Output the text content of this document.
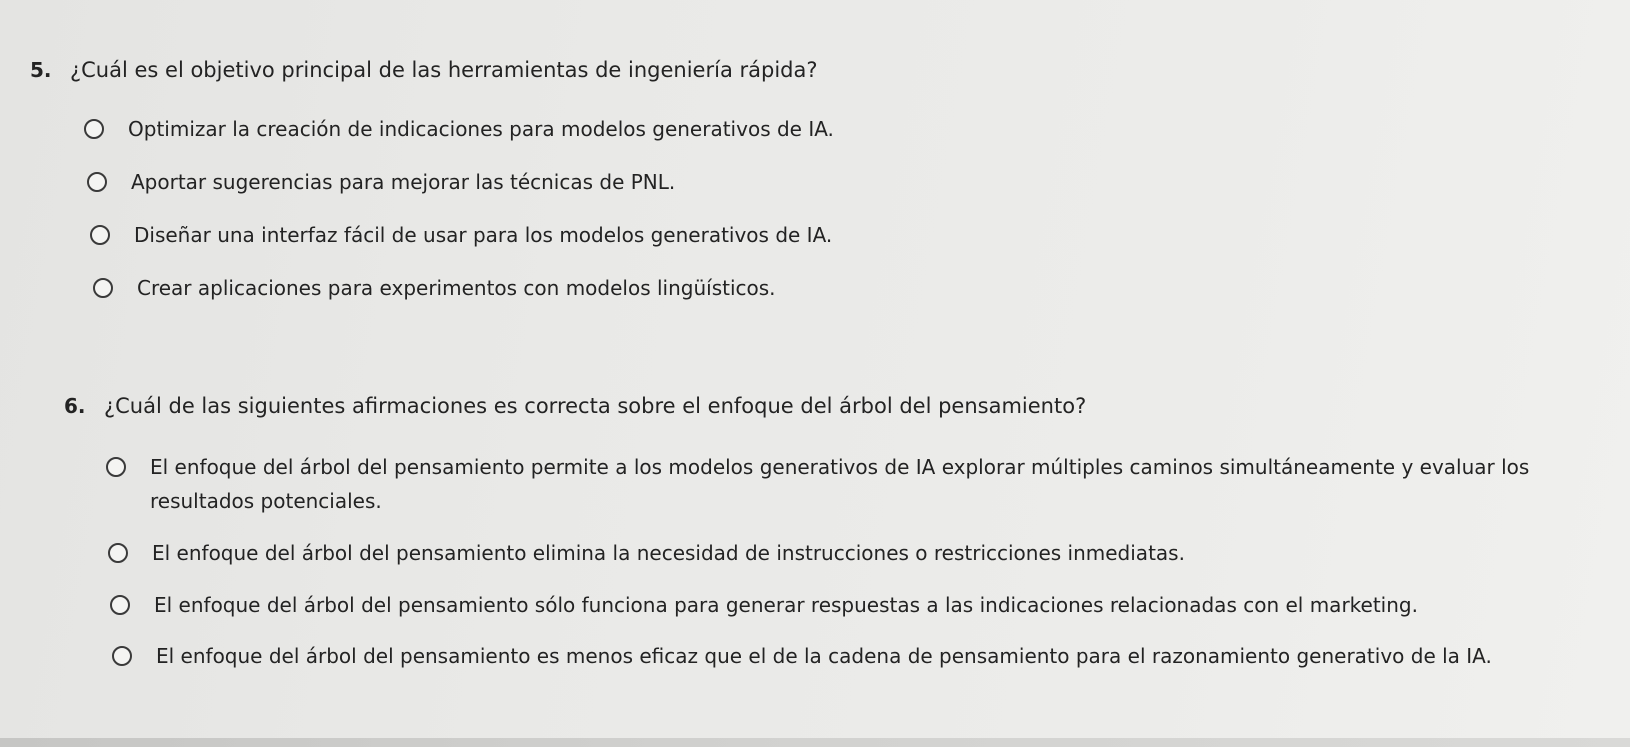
5. ¿Cuál es el objetivo principal de las herramientas de ingeniería rápida?
Optimizar la creación de indicaciones para modelos generativos de IA.
Aportar sugerencias para mejorar las técnicas de PNL.
Diseñar una interfaz fácil de usar para los modelos generativos de IA.
Crear aplicaciones para experimentos con modelos lingüísticos.
6. ¿Cuál de las siguientes afirmaciones es correcta sobre el enfoque del árbol del pensamiento?
El enfoque del árbol del pensamiento permite a los modelos generativos de IA explorar múltiples caminos simultáneamente y evaluar los resultados potenciales.
El enfoque del árbol del pensamiento elimina la necesidad de instrucciones o restricciones inmediatas.
El enfoque del árbol del pensamiento sólo funciona para generar respuestas a las indicaciones relacionadas con el marketing.
El enfoque del árbol del pensamiento es menos eficaz que el de la cadena de pensamiento para el razonamiento generativo de la IA.
